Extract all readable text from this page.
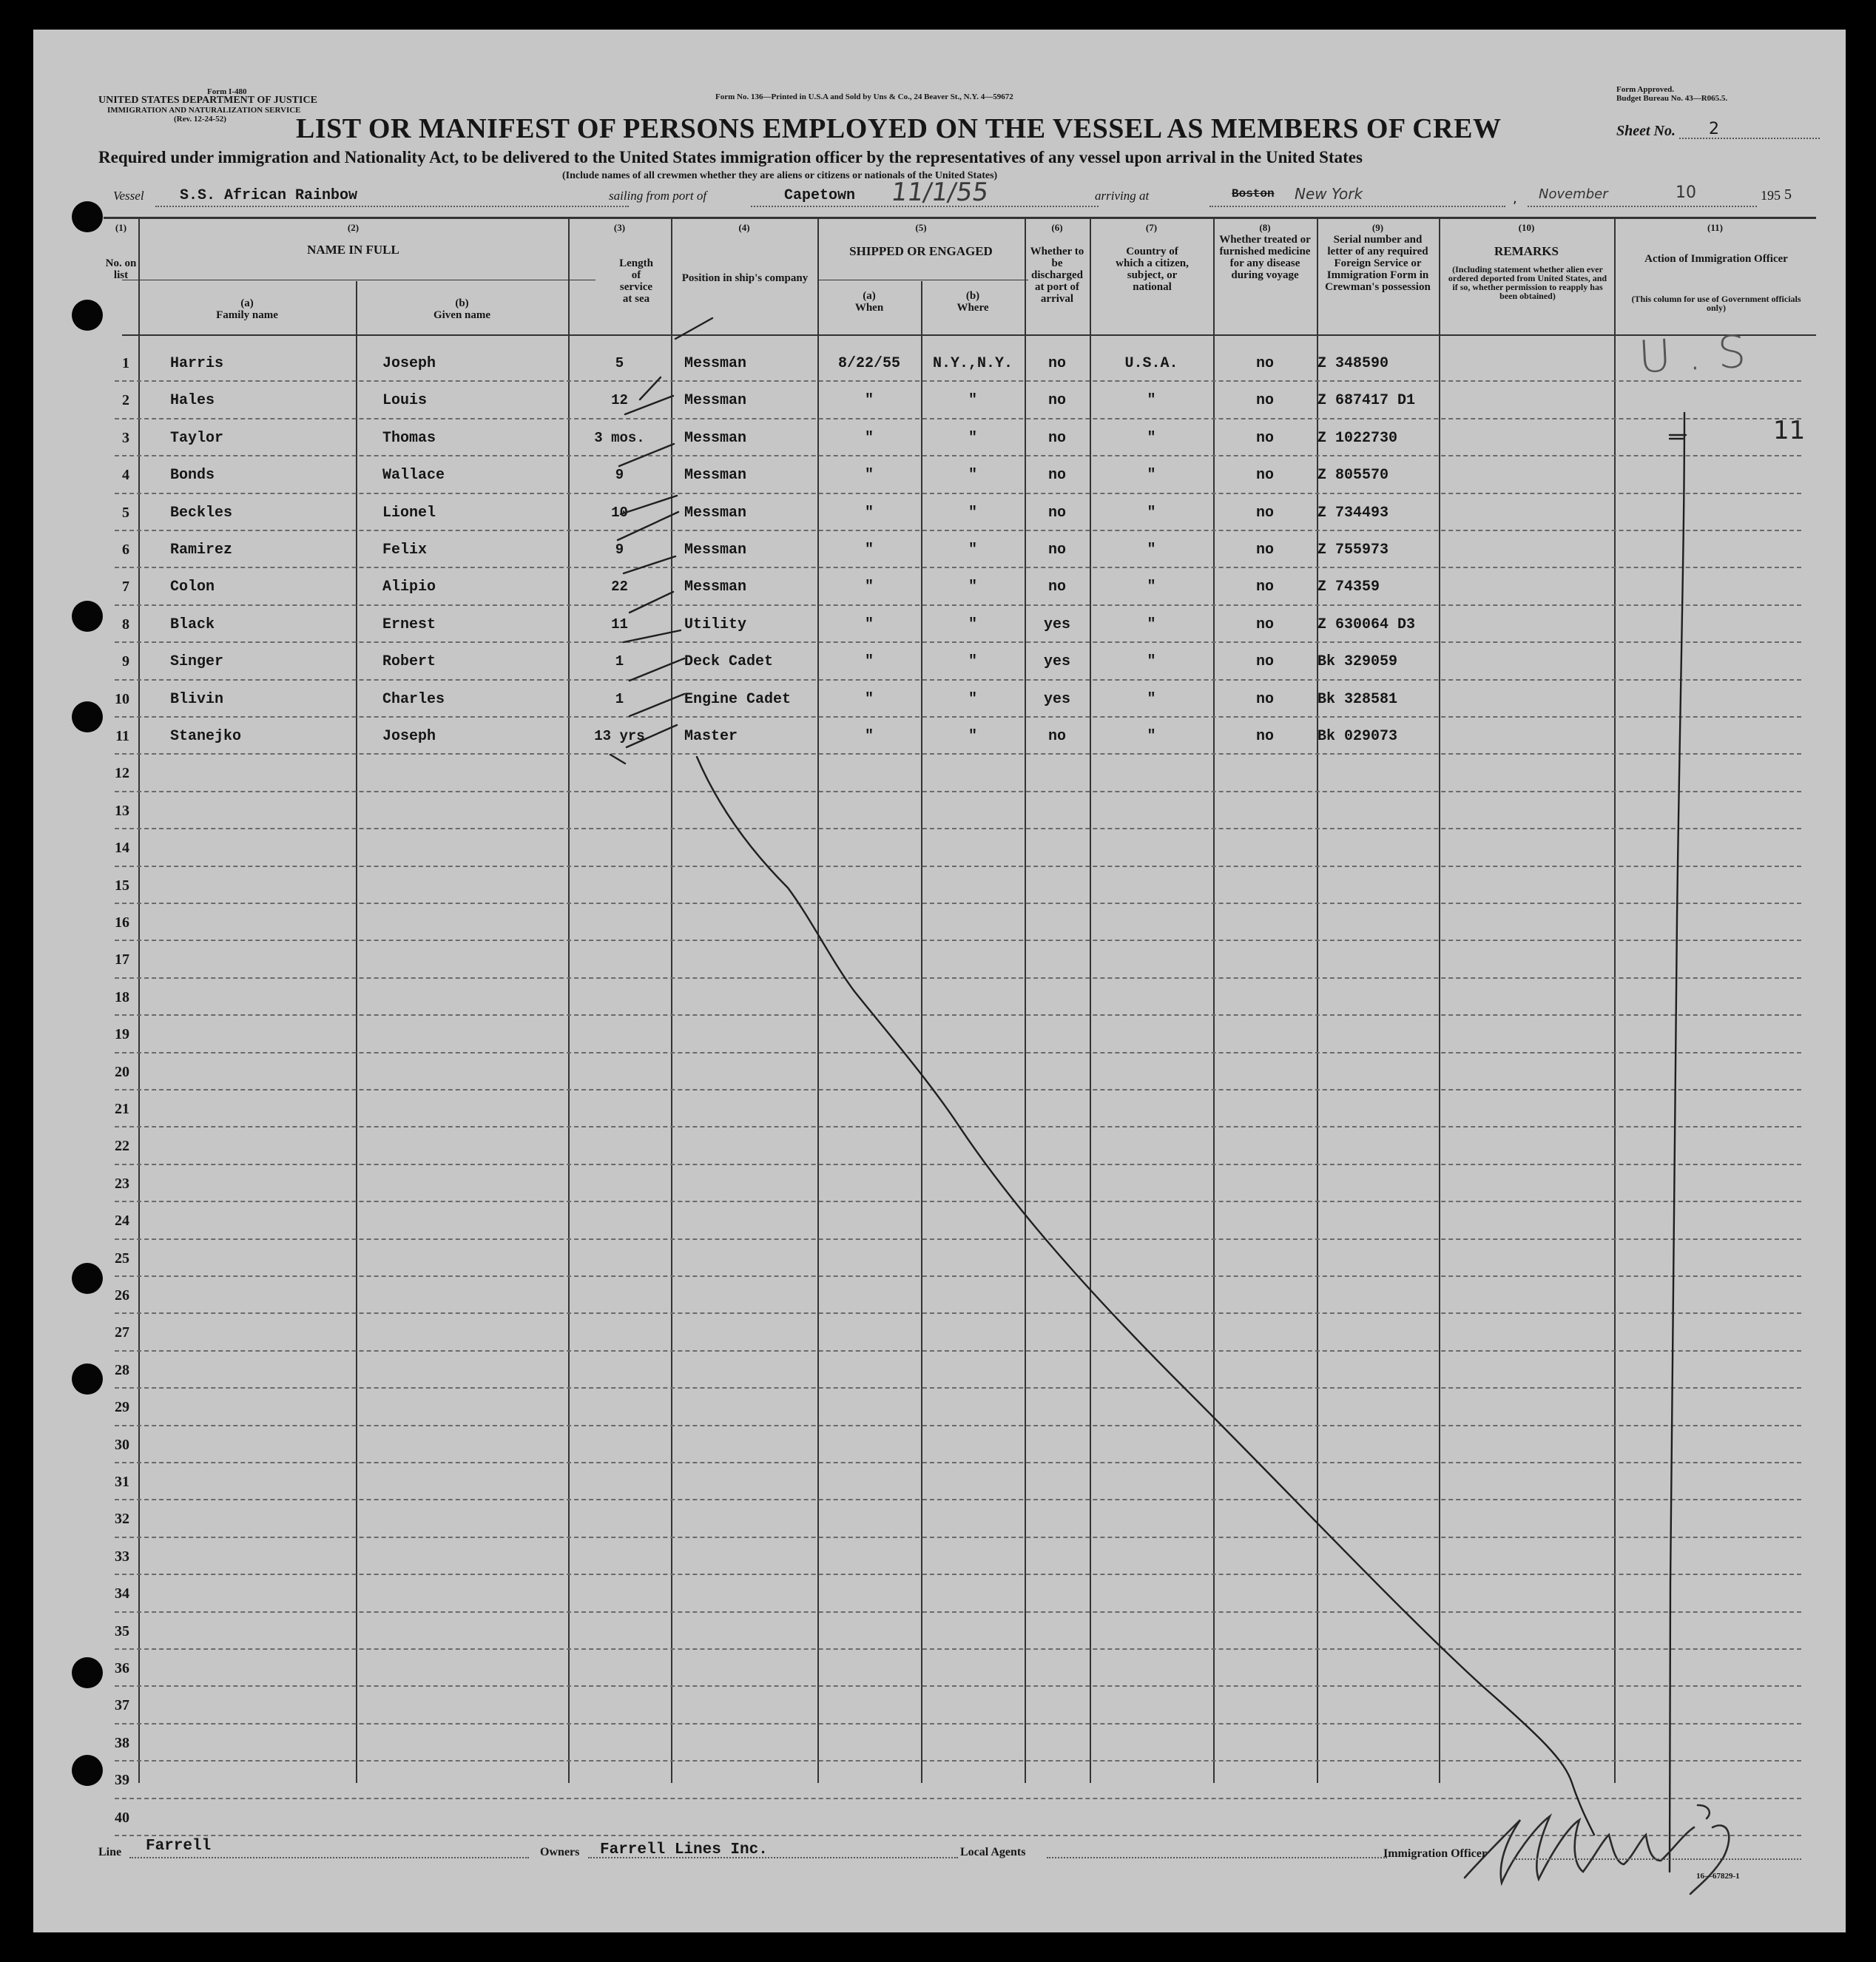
Form I-480
UNITED STATES DEPARTMENT OF JUSTICE
IMMIGRATION AND NATURALIZATION SERVICE
(Rev. 12-24-52)
Form No. 136—Printed in U.S.A and Sold by Uns & Co., 24 Beaver St., N.Y. 4—59672
Form Approved.
Budget Bureau No. 43—R065.5.
LIST OR MANIFEST OF PERSONS EMPLOYED ON THE VESSEL AS MEMBERS OF CREW	Sheet No. 2
Required under immigration and Nationality Act, to be delivered to the United States immigration officer by the representatives of any vessel upon arrival in the United States
(Include names of all crewmen whether they are aliens or citizens or nationals of the United States)
Vessel S.S. African Rainbow	sailing from port of	Capetown 11/1/55	arriving at	Boston New York	, November	10	195 5
(1)
No. on list
(2)
NAME IN FULL
(a)
Family name
(b)
Given name
(3)
Length of service at sea
(4)
Position in ship's company
(5)
SHIPPED OR ENGAGED
(a)
When
(b)
Where
(6)
Whether to be discharged at port of arrival
(7)
Country of which a citizen, subject, or national
(8)
Whether treated or furnished medicine for any disease during voyage
(9)
Serial number and letter of any required Foreign Service or Immigration Form in Crewman's possession
(10)
REMARKS
(Including statement whether alien ever ordered deported from United States, and if so, whether permission to reapply has been obtained)
(11)
Action of Immigration Officer
(This column for use of Government officials only)
1	Harris	Joseph	5	Messman	8/22/55	N.Y.,N.Y.	no	U.S.A.	no	Z 348590
2	Hales	Louis	12	Messman	"	"	no	"	no	Z 687417 D1
3	Taylor	Thomas	3 mos.	Messman	"	"	no	"	no	Z 1022730
4	Bonds	Wallace	9	Messman	"	"	no	"	no	Z 805570
5	Beckles	Lionel	10	Messman	"	"	no	"	no	Z 734493
6	Ramirez	Felix	9	Messman	"	"	no	"	no	Z 755973
7	Colon	Alipio	22	Messman	"	"	no	"	no	Z 74359
8	Black	Ernest	11	Utility	"	"	yes	"	no	Z 630064 D3
9	Singer	Robert	1	Deck Cadet	"	"	yes	"	no	Bk 329059
10	Blivin	Charles	1	Engine Cadet	"	"	yes	"	no	Bk 328581
11	Stanejko	Joseph	13 yrs	Master	"	"	no	"	no	Bk 029073
12
13
14
15
16
17
18
19
20
21
22
23
24
25
26
27
28
29
30
31
32
33
34
35
36
37
38
39
40
U.S
11
Line Farrell	Owners Farrell Lines Inc.	Local Agents	Immigration Officer
16—67829-1
